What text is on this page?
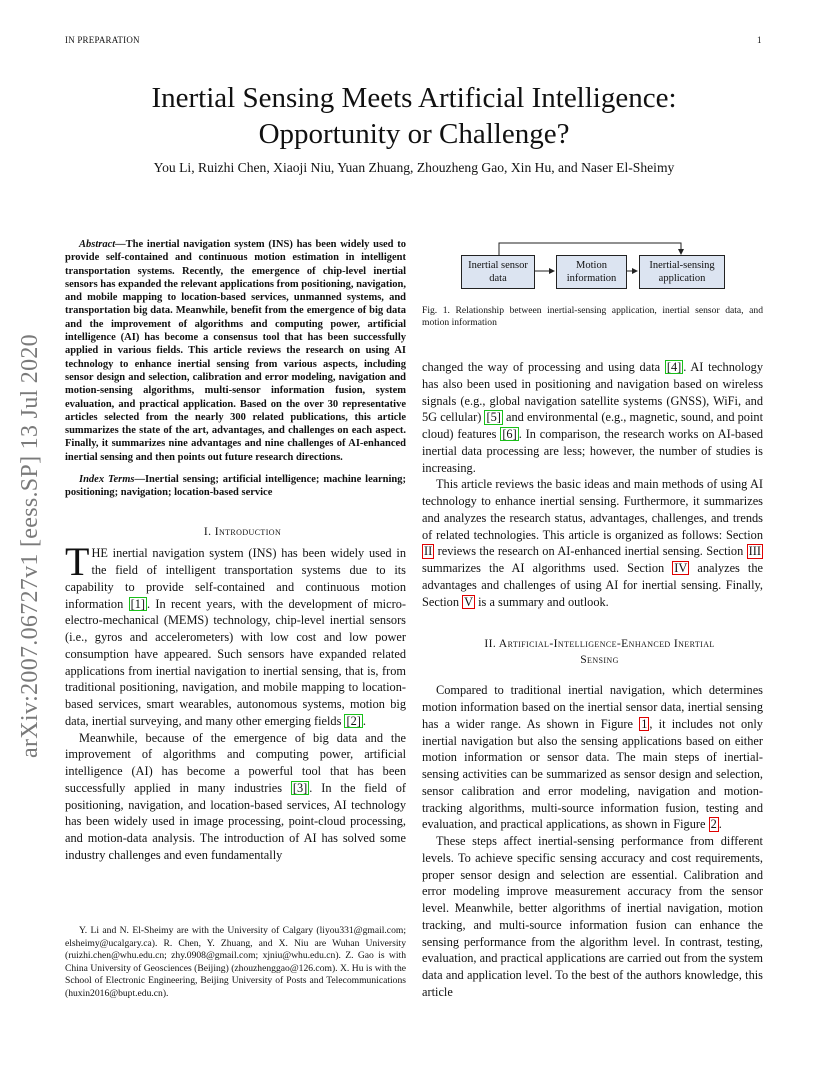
IN PREPARATION	1
Inertial Sensing Meets Artificial Intelligence:
Opportunity or Challenge?
You Li, Ruizhi Chen, Xiaoji Niu, Yuan Zhuang, Zhouzheng Gao, Xin Hu, and Naser El-Sheimy
arXiv:2007.06727v1 [eess.SP] 13 Jul 2020

Abstract—The inertial navigation system (INS) has been widely used to provide self-contained and continuous motion estimation in intelligent transportation systems. Recently, the emergence of chip-level inertial sensors has expanded the relevant applications from positioning, navigation, and mobile mapping to location-based services, unmanned systems, and transportation big data. Meanwhile, benefit from the emergence of big data and the improvement of algorithms and computing power, artificial intelligence (AI) has become a consensus tool that has been successfully applied in various fields. This article reviews the research on using AI technology to enhance inertial sensing from various aspects, including sensor design and selection, calibration and error modeling, navigation and motion-sensing algorithms, multi-sensor information fusion, system evaluation, and practical application. Based on the over 30 representative articles selected from the nearly 300 related publications, this article summarizes the state of the art, advantages, and challenges on each aspect. Finally, it summarizes nine advantages and nine challenges of AI-enhanced inertial sensing and then points out future research directions.

Index Terms—Inertial sensing; artificial intelligence; machine learning; positioning; navigation; location-based service

I. Introduction

THE inertial navigation system (INS) has been widely used in the field of intelligent transportation systems due to its capability to provide self-contained and continuous motion information [1] . In recent years, with the development of micro-electro-mechanical (MEMS) technology, chip-level inertial sensors (i.e., gyros and accelerometers) with low cost and low power consumption have appeared. Such sensors have expanded related applications from inertial navigation to inertial sensing, that is, from traditional positioning, navigation, and mobile mapping to location-based services, smart wearables, autonomous systems, motion big data, inertial surveying, and many other emerging fields [2] .

Meanwhile, because of the emergence of big data and the improvement of algorithms and computing power, artificial intelligence (AI) has become a powerful tool that has been successfully applied in many industries [3] . In the field of positioning, navigation, and location-based services, AI technology has been widely used in image processing, point-cloud processing, and motion-data analysis. The introduction of AI has solved some industry challenges and even fundamentally

Y. Li and N. El-Sheimy are with the University of Calgary (liyou331@gmail.com; elsheimy@ucalgary.ca). R. Chen, Y. Zhuang, and X. Niu are Wuhan University (ruizhi.chen@whu.edu.cn; zhy.0908@gmail.com; xjniu@whu.edu.cn). Z. Gao is with China University of Geosciences (Beijing) (zhouzhenggao@126.com). X. Hu is with the School of Electronic Engineering, Beijing University of Posts and Telecommunications (huxin2016@bupt.edu.cn).

Inertial sensor data
Motion information
Inertial-sensing application
Fig. 1. Relationship between inertial-sensing application, inertial sensor data, and motion information

changed the way of processing and using data [4] . AI technology has also been used in positioning and navigation based on wireless signals (e.g., global navigation satellite systems (GNSS), WiFi, and 5G cellular) [5] and environmental (e.g., magnetic, sound, and point cloud) features [6] . In comparison, the research works on AI-based inertial data processing are less; however, the number of studies is increasing.

This article reviews the basic ideas and main methods of using AI technology to enhance inertial sensing. Furthermore, it summarizes and analyzes the research status, advantages, challenges, and trends of related technologies. This article is organized as follows: Section II reviews the research on AI-enhanced inertial sensing. Section III summarizes the AI algorithms used. Section IV analyzes the advantages and challenges of using AI for inertial sensing. Finally, Section V is a summary and outlook.

II. Artificial-Intelligence-Enhanced Inertial

Sensing

Compared to traditional inertial navigation, which determines motion information based on the inertial sensor data, inertial sensing has a wider range. As shown in Figure 1 , it includes not only inertial navigation but also the sensing applications based on either motion information or sensor data. The main steps of inertial-sensing activities can be summarized as sensor design and selection, sensor calibration and error modeling, navigation and motion-tracking algorithms, multi-source information fusion, testing and evaluation, and practical applications, as shown in Figure 2 .

These steps affect inertial-sensing performance from different levels. To achieve specific sensing accuracy and cost requirements, proper sensor design and selection are essential. Calibration and error modeling improve measurement accuracy from the sensor level. Meanwhile, better algorithms of inertial navigation, motion tracking, and multi-source information fusion can enhance the sensing performance from the algorithm level. In contrast, testing, evaluation, and practical applications are carried out from the system data and application level. To the best of the authors knowledge, this article
